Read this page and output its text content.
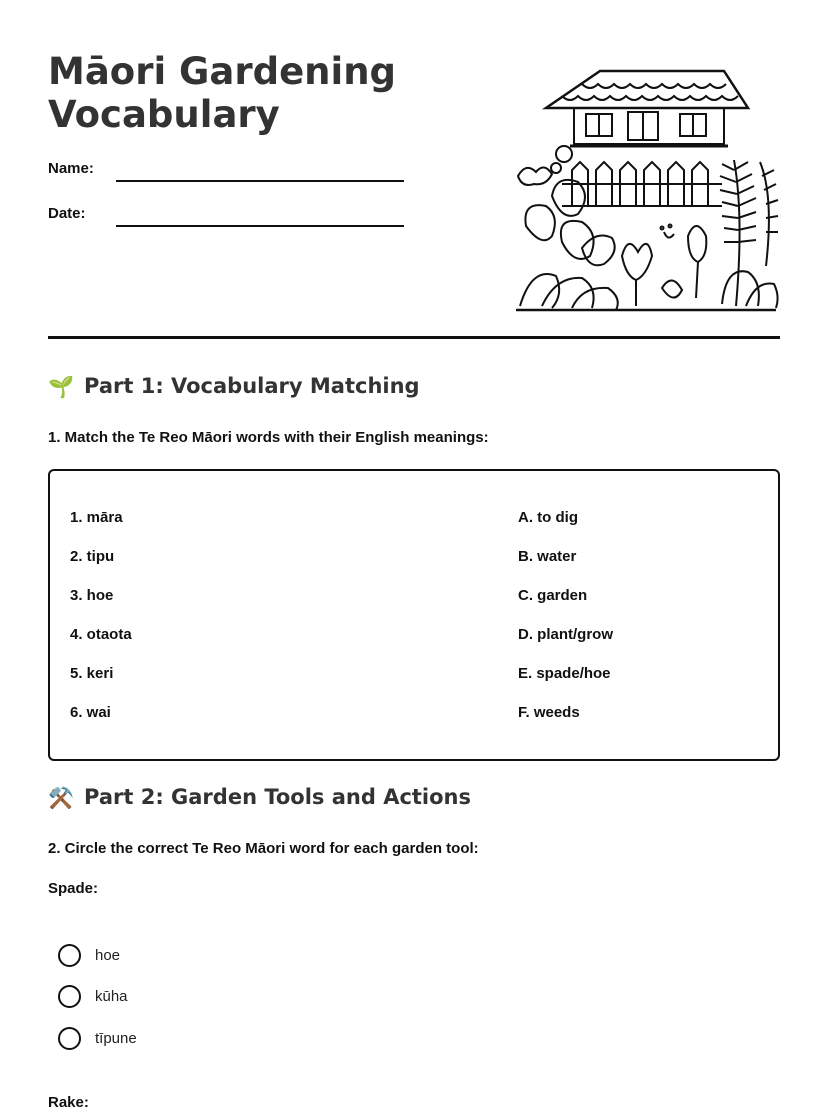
Māori Gardening
Vocabulary
Name:
Date:
🌱 Part 1: Vocabulary Matching
1. Match the Te Reo Māori words with their English meanings:
1. māra
2. tipu
3. hoe
4. otaota
5. keri
6. wai
A. to dig
B. water
C. garden
D. plant/grow
E. spade/hoe
F. weeds
⚒️ Part 2: Garden Tools and Actions
2. Circle the correct Te Reo Māori word for each garden tool:
Spade:
hoe
kūha
tīpune
Rake:
